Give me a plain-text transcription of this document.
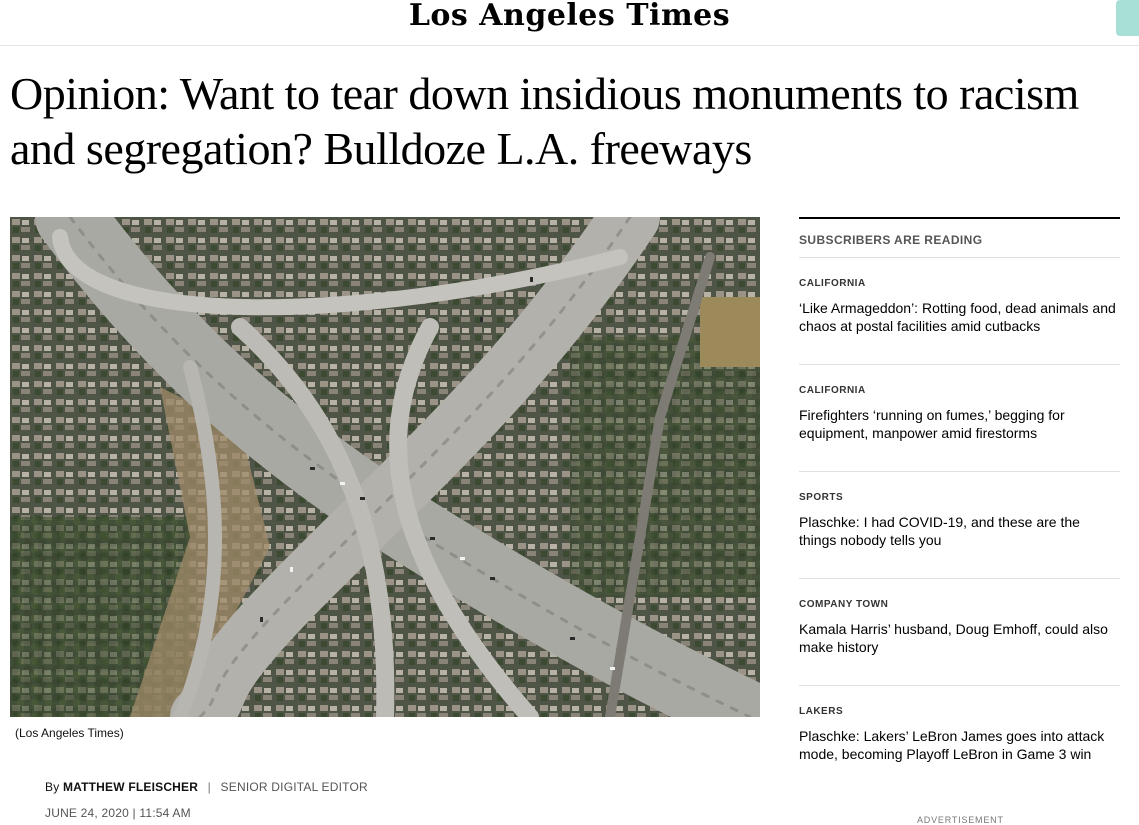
Los Angeles Times
Opinion: Want to tear down insidious monuments to racism and segregation? Bulldoze L.A. freeways
(Los Angeles Times)
By MATTHEW FLEISCHER | SENIOR DIGITAL EDITOR
JUNE 24, 2020 | 11:54 AM
SUBSCRIBERS ARE READING
CALIFORNIA
‘Like Armageddon’: Rotting food, dead animals and chaos at postal facilities amid cutbacks
CALIFORNIA
Firefighters ‘running on fumes,’ begging for equipment, manpower amid firestorms
SPORTS
Plaschke: I had COVID-19, and these are the things nobody tells you
COMPANY TOWN
Kamala Harris’ husband, Doug Emhoff, could also make history
LAKERS
Plaschke: Lakers’ LeBron James goes into attack mode, becoming Playoff LeBron in Game 3 win
ADVERTISEMENT
